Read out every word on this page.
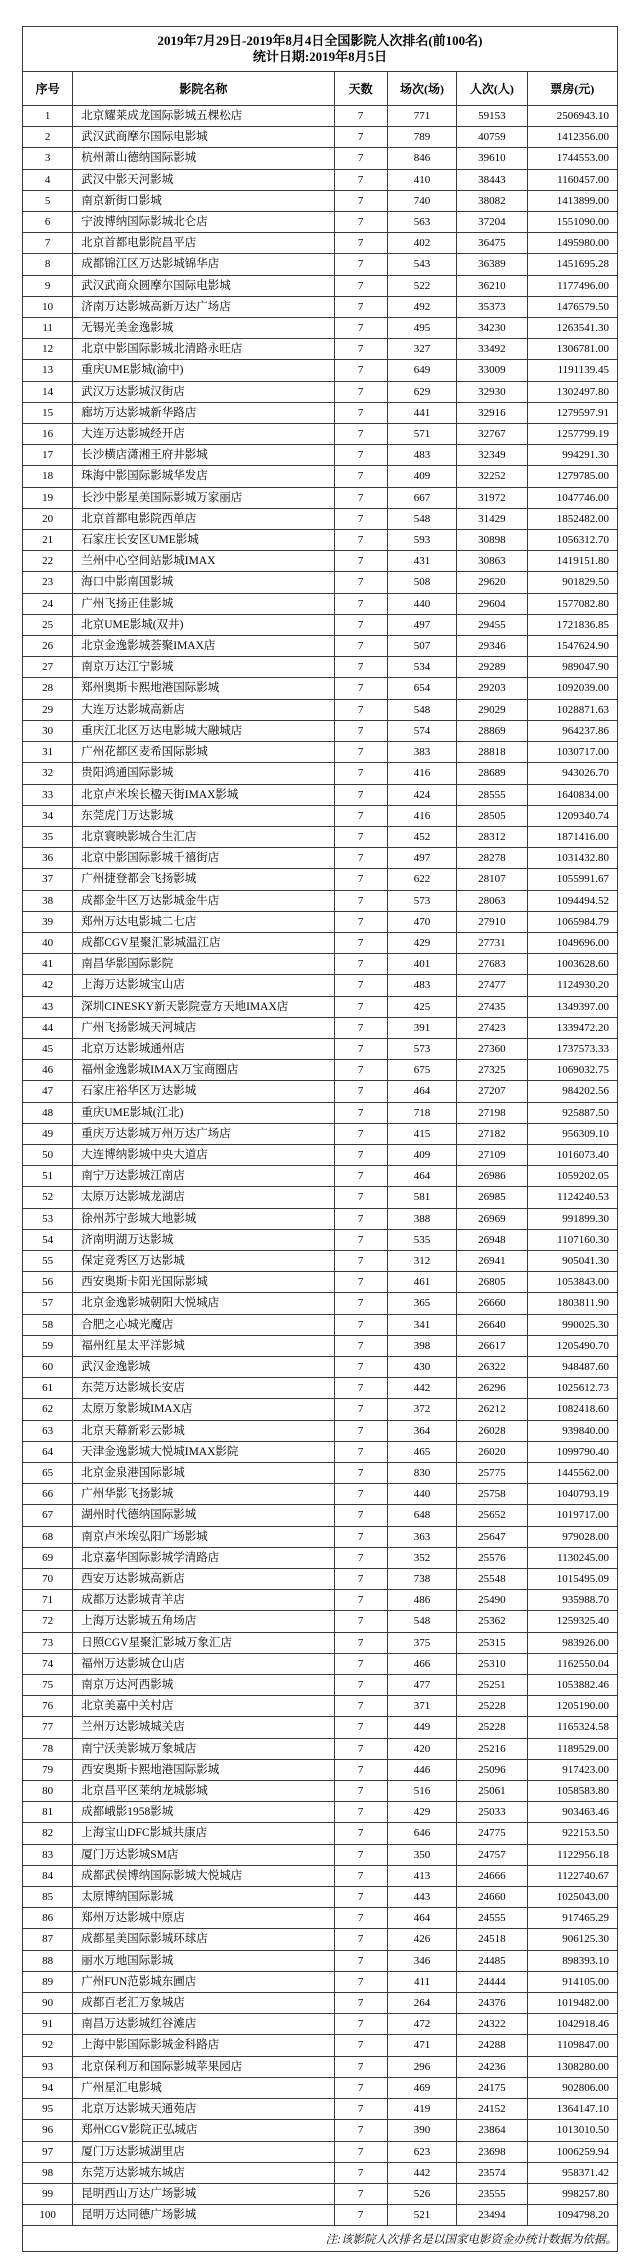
2019年7月29日-2019年8月4日全国影院人次排名(前100名)
统计日期:2019年8月5日					

序号	影院名称	天数	场次(场)	人次(人)	票房(元)
1	北京耀莱成龙国际影城五棵松店	7	771	59153	2506943.10
2	武汉武商摩尔国际电影城	7	789	40759	1412356.00
3	杭州萧山德纳国际影城	7	846	39610	1744553.00
4	武汉中影天河影城	7	410	38443	1160457.00
5	南京新街口影城	7	740	38082	1413899.00
6	宁波博纳国际影城北仑店	7	563	37204	1551090.00
7	北京首都电影院昌平店	7	402	36475	1495980.00
8	成都锦江区万达影城锦华店	7	543	36389	1451695.28
9	武汉武商众圆摩尔国际电影城	7	522	36210	1177496.00
10	济南万达影城高新万达广场店	7	492	35373	1476579.50
11	无锡光美金逸影城	7	495	34230	1263541.30
12	北京中影国际影城北清路永旺店	7	327	33492	1306781.00
13	重庆UME影城(渝中)	7	649	33009	1191139.45
14	武汉万达影城汉街店	7	629	32930	1302497.80
15	廊坊万达影城新华路店	7	441	32916	1279597.91
16	大连万达影城经开店	7	571	32767	1257799.19
17	长沙横店潇湘王府井影城	7	483	32349	994291.30
18	珠海中影国际影城华发店	7	409	32252	1279785.00
19	长沙中影星美国际影城万家丽店	7	667	31972	1047746.00
20	北京首都电影院西单店	7	548	31429	1852482.00
21	石家庄长安区UME影城	7	593	30898	1056312.70
22	兰州中心空间站影城IMAX	7	431	30863	1419151.80
23	海口中影南国影城	7	508	29620	901829.50
24	广州飞扬正佳影城	7	440	29604	1577082.80
25	北京UME影城(双井)	7	497	29455	1721836.85
26	北京金逸影城荟聚IMAX店	7	507	29346	1547624.90
27	南京万达江宁影城	7	534	29289	989047.90
28	郑州奥斯卡熙地港国际影城	7	654	29203	1092039.00
29	大连万达影城高新店	7	548	29029	1028871.63
30	重庆江北区万达电影城大融城店	7	574	28869	964237.86
31	广州花都区麦希国际影城	7	383	28818	1030717.00
32	贵阳鸿通国际影城	7	416	28689	943026.70
33	北京卢米埃长楹天街IMAX影城	7	424	28555	1640834.00
34	东莞虎门万达影城	7	416	28505	1209340.74
35	北京寰映影城合生汇店	7	452	28312	1871416.00
36	北京中影国际影城千禧街店	7	497	28278	1031432.80
37	广州捷登都会飞扬影城	7	622	28107	1055991.67
38	成都金牛区万达影城金牛店	7	573	28063	1094494.52
39	郑州万达电影城二七店	7	470	27910	1065984.79
40	成都CGV星聚汇影城温江店	7	429	27731	1049696.00
41	南昌华影国际影院	7	401	27683	1003628.60
42	上海万达影城宝山店	7	483	27477	1124930.20
43	深圳CINESKY新天影院壹方天地IMAX店	7	425	27435	1349397.00
44	广州飞扬影城天河城店	7	391	27423	1339472.20
45	北京万达影城通州店	7	573	27360	1737573.33
46	福州金逸影城IMAX万宝商圈店	7	675	27325	1069032.75
47	石家庄裕华区万达影城	7	464	27207	984202.56
48	重庆UME影城(江北)	7	718	27198	925887.50
49	重庆万达影城万州万达广场店	7	415	27182	956309.10
50	大连博纳影城中央大道店	7	409	27109	1016073.40
51	南宁万达影城江南店	7	464	26986	1059202.05
52	太原万达影城龙湖店	7	581	26985	1124240.53
53	徐州苏宁彭城大地影城	7	388	26969	991899.30
54	济南明湖万达影城	7	535	26948	1107160.30
55	保定竞秀区万达影城	7	312	26941	905041.30
56	西安奥斯卡阳光国际影城	7	461	26805	1053843.00
57	北京金逸影城朝阳大悦城店	7	365	26660	1803811.90
58	合肥之心城光魔店	7	341	26640	990025.30
59	福州红星太平洋影城	7	398	26617	1205490.70
60	武汉金逸影城	7	430	26322	948487.60
61	东莞万达影城长安店	7	442	26296	1025612.73
62	太原万象影城IMAX店	7	372	26212	1082418.60
63	北京天幕新彩云影城	7	364	26028	939840.00
64	天津金逸影城大悦城IMAX影院	7	465	26020	1099790.40
65	北京金泉港国际影城	7	830	25775	1445562.00
66	广州华影飞扬影城	7	440	25758	1040793.19
67	湖州时代德纳国际影城	7	648	25652	1019717.00
68	南京卢米埃弘阳广场影城	7	363	25647	979028.00
69	北京嘉华国际影城学清路店	7	352	25576	1130245.00
70	西安万达影城高新店	7	738	25548	1015495.09
71	成都万达影城青羊店	7	486	25490	935988.70
72	上海万达影城五角场店	7	548	25362	1259325.40
73	日照CGV星聚汇影城万象汇店	7	375	25315	983926.00
74	福州万达影城仓山店	7	466	25310	1162550.04
75	南京万达河西影城	7	477	25251	1053882.46
76	北京美嘉中关村店	7	371	25228	1205190.00
77	兰州万达影城城关店	7	449	25228	1165324.58
78	南宁沃美影城万象城店	7	420	25216	1189529.00
79	西安奥斯卡熙地港国际影城	7	446	25096	917423.00
80	北京昌平区莱纳龙城影城	7	516	25061	1058583.80
81	成都峨影1958影城	7	429	25033	903463.46
82	上海宝山DFC影城共康店	7	646	24775	922153.50
83	厦门万达影城SM店	7	350	24757	1122956.18
84	成都武侯博纳国际影城大悦城店	7	413	24666	1122740.67
85	太原博纳国际影城	7	443	24660	1025043.00
86	郑州万达影城中原店	7	464	24555	917465.29
87	成都星美国际影城环球店	7	426	24518	906125.30
88	丽水万地国际影城	7	346	24485	898393.10
89	广州FUN范影城东圃店	7	411	24444	914105.00
90	成都百老汇万象城店	7	264	24376	1019482.00
91	南昌万达影城红谷滩店	7	472	24322	1042918.46
92	上海中影国际影城金科路店	7	471	24288	1109847.00
93	北京保利万和国际影城苹果园店	7	296	24236	1308280.00
94	广州星汇电影城	7	469	24175	902806.00
95	北京万达影城天通苑店	7	419	24152	1364147.10
96	郑州CGV影院正弘城店	7	390	23864	1013010.50
97	厦门万达影城湖里店	7	623	23698	1006259.94
98	东莞万达影城东城店	7	442	23574	958371.42
99	昆明西山万达广场影城	7	526	23555	998257.80
100	昆明万达同德广场影城	7	521	23494	1094798.20
注:该影院人次排名是以国家电影资金办统计数据为依据。					
